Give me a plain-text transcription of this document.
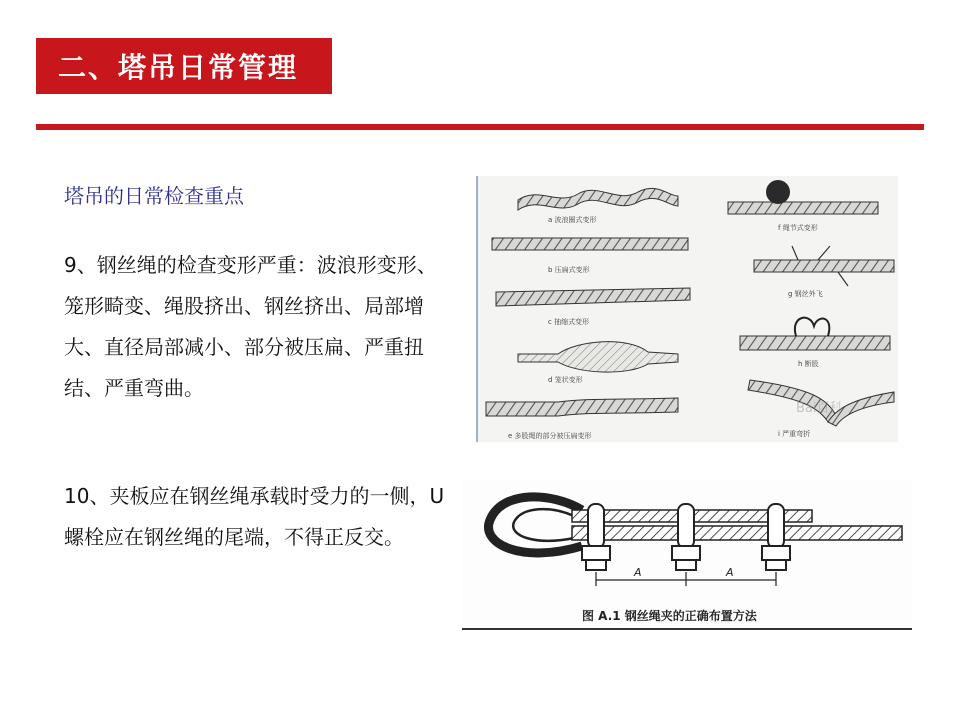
二、塔吊日常管理
塔吊的日常检查重点
9、钢丝绳的检查变形严重：波浪形变形、笼形畸变、绳股挤出、钢丝挤出、局部增大、直径局部减小、部分被压扁、严重扭结、严重弯曲。
10、夹板应在钢丝绳承载时受力的一侧，U螺栓应在钢丝绳的尾端，不得正反交。
a 波浪圈式变形
b 压扁式变形
c 抽缩式变形
d 笼状变形
e 多股绳的部分被压扁变形
f 绳节式变形
g 钢丝外飞
h 断股
i 严重弯折
Bai百科
A	A
图 A.1 钢丝绳夹的正确布置方法
